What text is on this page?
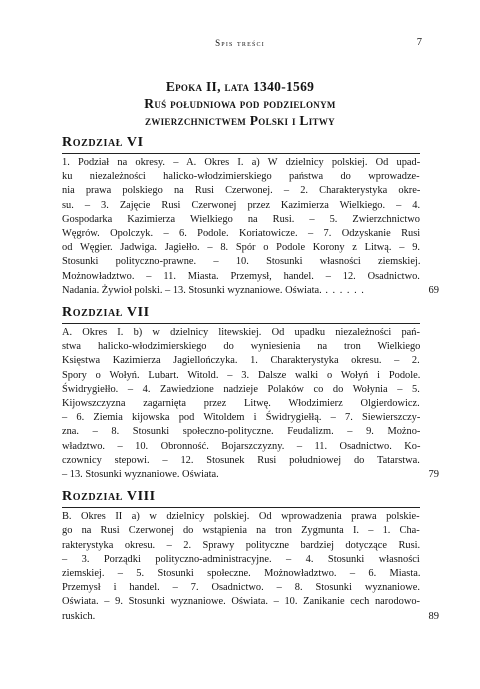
Spis treści	7
Epoka II, lata 1340-1569
Ruś południowa pod podzielonym
zwierzchnictwem Polski i Litwy
Rozdział VI
1. Podział na okresy. – A. Okres I. a) W dzielnicy polskiej. Od upad-
ku niezależności halicko-włodzimierskiego państwa do wprowadze-
nia prawa polskiego na Rusi Czerwonej. – 2. Charakterystyka okre-
su. – 3. Zajęcie Rusi Czerwonej przez Kazimierza Wielkiego. – 4.
Gospodarka Kazimierza Wielkiego na Rusi. – 5. Zwierzchnictwo
Węgrów. Opolczyk. – 6. Podole. Koriatowicze. – 7. Odzyskanie Rusi
od Węgier. Jadwiga. Jagiełło. – 8. Spór o Podole Korony z Litwą. – 9.
Stosunki polityczno-prawne. – 10. Stosunki własności ziemskiej.
Możnowładztwo. – 11. Miasta. Przemysł, handel. – 12. Osadnictwo.
Nadania. Żywioł polski. – 13. Stosunki wyznaniowe. Oświata. . . . . . .	69
Rozdział VII
A. Okres I. b) w dzielnicy litewskiej. Od upadku niezależności pań-
stwa halicko-włodzimierskiego do wyniesienia na tron Wielkiego
Księstwa Kazimierza Jagiellończyka. 1. Charakterystyka okresu. – 2.
Spory o Wołyń. Lubart. Witold. – 3. Dalsze walki o Wołyń i Podole.
Świdrygiełło. – 4. Zawiedzione nadzieje Polaków co do Wołynia – 5.
Kijowszczyzna zagarnięta przez Litwę. Włodzimierz Olgierdowicz.
– 6. Ziemia kijowska pod Witoldem i Świdrygiełłą. – 7. Siewierszczy-
zna. – 8. Stosunki społeczno-polityczne. Feudalizm. – 9. Możno-
władztwo. – 10. Obronność. Bojarszczyzny. – 11. Osadnictwo. Ko-
czownicy stepowi. – 12. Stosunek Rusi południowej do Tatarstwa.
– 13. Stosunki wyznaniowe. Oświata.	79
Rozdział VIII
B. Okres II a) w dzielnicy polskiej. Od wprowadzenia prawa polskie-
go na Rusi Czerwonej do wstąpienia na tron Zygmunta I. – 1. Cha-
rakterystyka okresu. – 2. Sprawy polityczne bardziej dotyczące Rusi.
– 3. Porządki polityczno-administracyjne. – 4. Stosunki własności
ziemskiej. – 5. Stosunki społeczne. Możnowładztwo. – 6. Miasta.
Przemysł i handel. – 7. Osadnictwo. – 8. Stosunki wyznaniowe.
Oświata. – 9. Stosunki wyznaniowe. Oświata. – 10. Zanikanie cech narodowo-ruskich.	89
